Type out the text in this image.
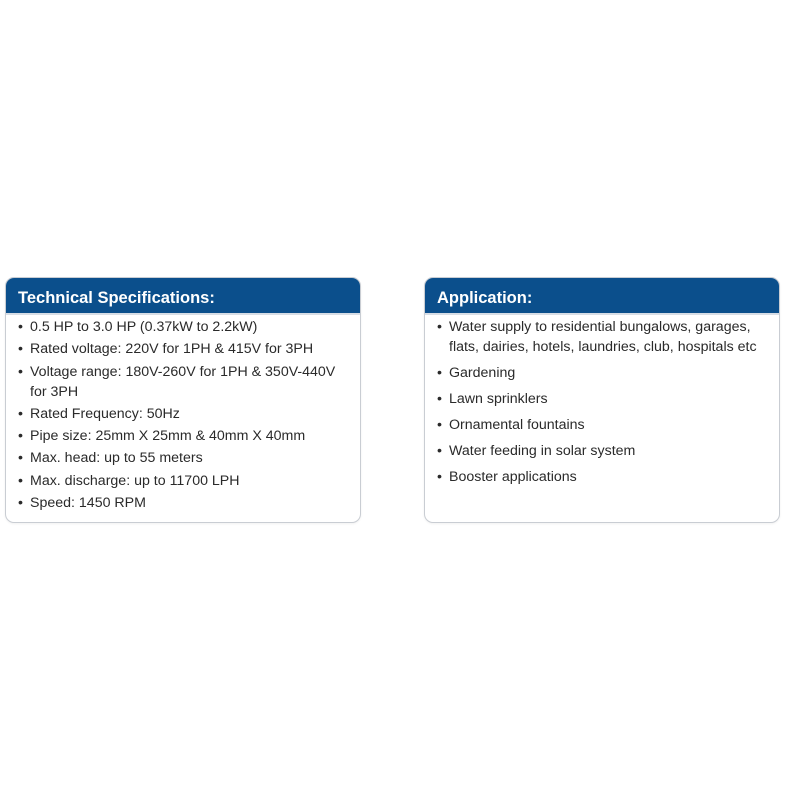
Technical Specifications:
• 0.5 HP to 3.0 HP (0.37kW to 2.2kW)
• Rated voltage: 220V for 1PH & 415V for 3PH
• Voltage range: 180V-260V for 1PH & 350V-440V for 3PH
• Rated Frequency: 50Hz
• Pipe size: 25mm X 25mm & 40mm X 40mm
• Max. head: up to 55 meters
• Max. discharge: up to 11700 LPH
• Speed: 1450 RPM
Application:
• Water supply to residential bungalows, garages, flats, dairies, hotels, laundries, club, hospitals etc
• Gardening
• Lawn sprinklers
• Ornamental fountains
• Water feeding in solar system
• Booster applications
